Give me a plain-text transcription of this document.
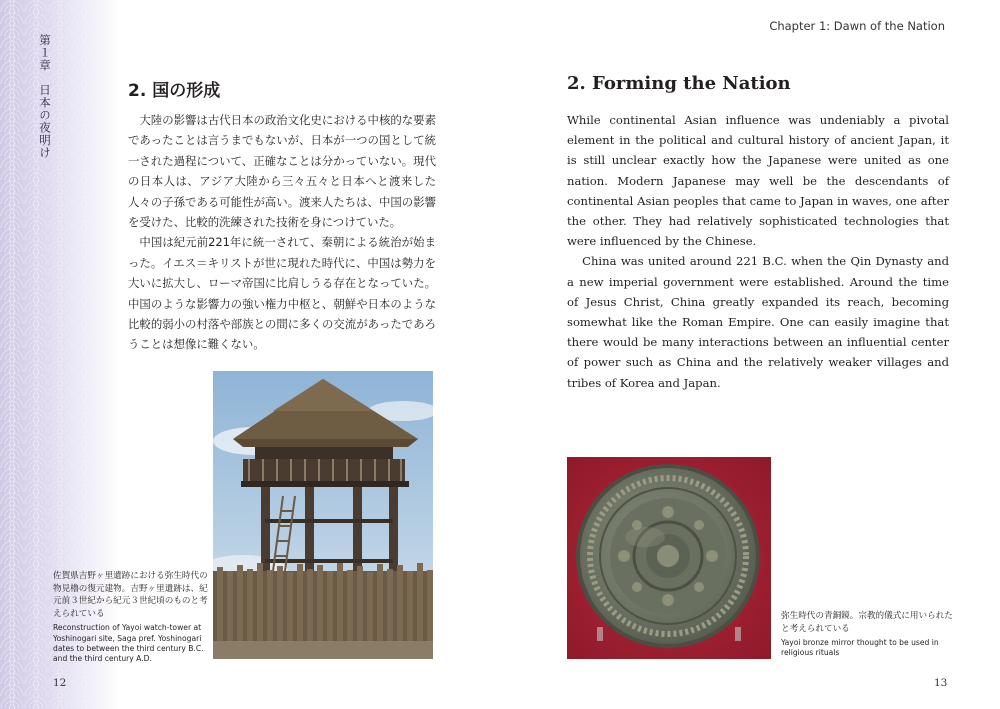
第１章　日本の夜明け
Chapter 1: Dawn of the Nation
2. 国の形成

大陸の影響は古代日本の政治文化史における中核的な要素であったことは言うまでもないが、日本が一つの国として統一された過程について、正確なことは分かっていない。現代の日本人は、アジア大陸から三々五々と日本へと渡来した人々の子孫である可能性が高い。渡来人たちは、中国の影響を受けた、比較的洗練された技術を身につけていた。

中国は紀元前221年に統一されて、秦朝による統治が始まった。イエス＝キリストが世に現れた時代に、中国は勢力を大いに拡大し、ローマ帝国に比肩しうる存在となっていた。中国のような影響力の強い権力中枢と、朝鮮や日本のような比較的弱小の村落や部族との間に多くの交流があったであろうことは想像に難くない。

佐賀県吉野ヶ里遺跡における弥生時代の物見櫓の復元建物。吉野ヶ里遺跡は、紀元前３世紀から紀元３世紀頃のものと考えられている
Reconstruction of Yayoi watch-tower at Yoshinogari site, Saga pref. Yoshinogari dates to between the third century B.C. and the third century A.D.
12
2. Forming the Nation

While continental Asian influence was undeniably a pivotal element in the political and cultural history of ancient Japan, it is still unclear exactly how the Japanese were united as one nation. Modern Japanese may well be the descendants of continental Asian peoples that came to Japan in waves, one after the other. They had relatively sophisticated technologies that were influenced by the Chinese.

China was united around 221 B.C. when the Qin Dynasty and a new imperial government were established. Around the time of Jesus Christ, China greatly expanded its reach, becoming somewhat like the Roman Empire. One can easily imagine that there would be many interactions between an influential center of power such as China and the relatively weaker villages and tribes of Korea and Japan.

弥生時代の青銅鏡。宗教的儀式に用いられたと考えられている
Yayoi bronze mirror thought to be used in religious rituals
13
